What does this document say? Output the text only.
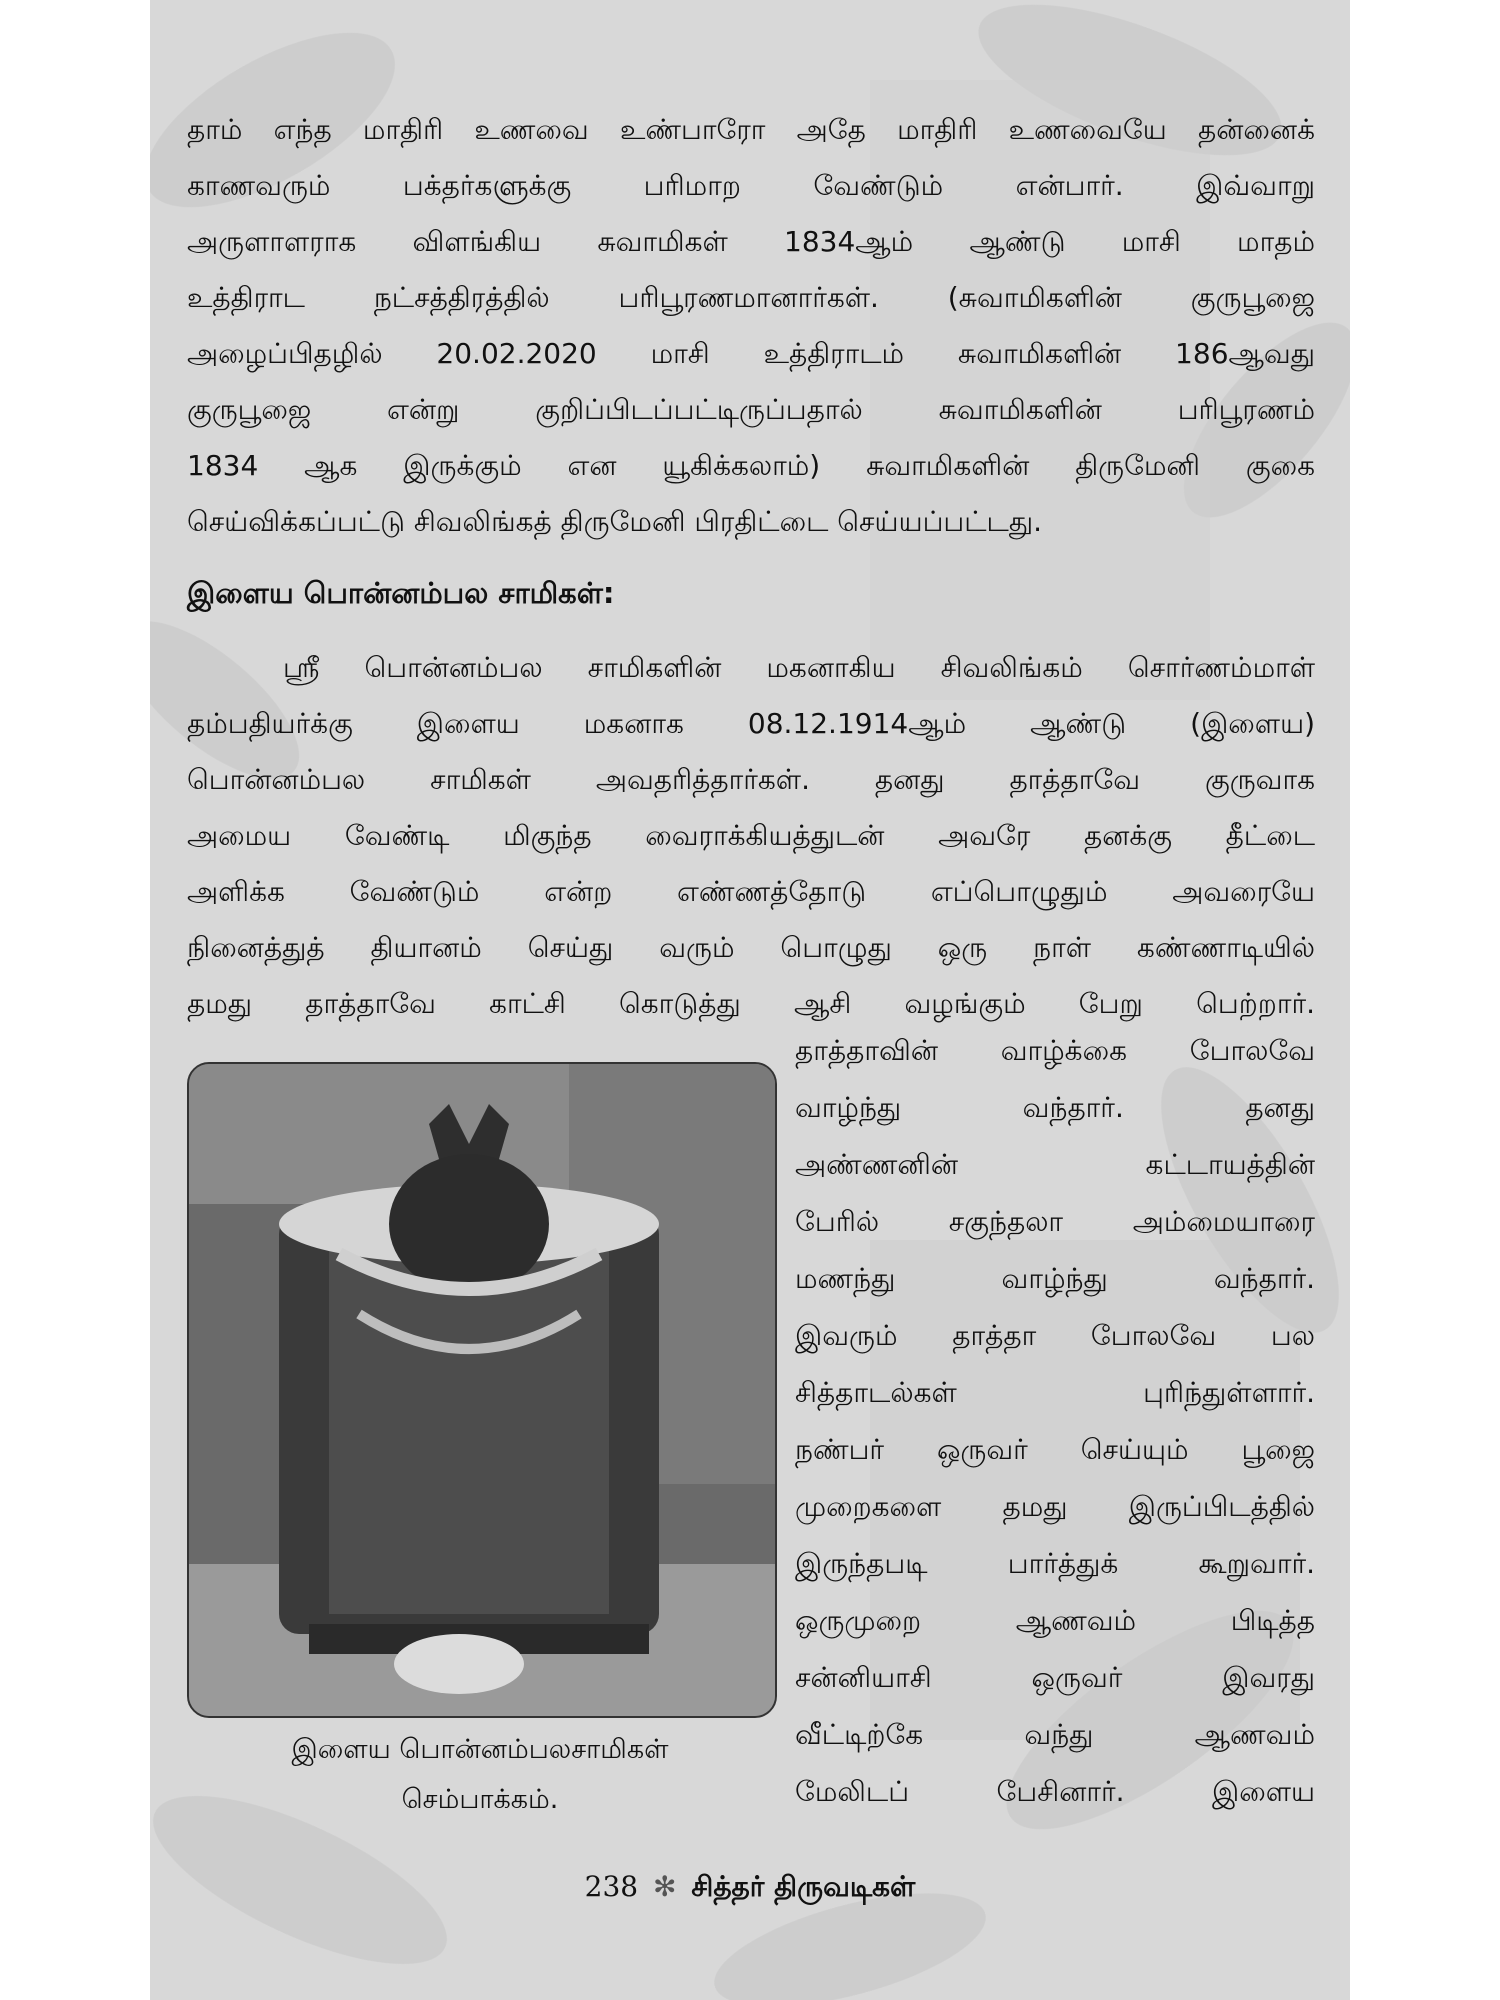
தாம் எந்த மாதிரி உணவை உண்பாரோ அதே மாதிரி உணவையே தன்னைக்
காணவரும் பக்தர்களுக்கு பரிமாற வேண்டும் என்பார். இவ்வாறு
அருளாளராக விளங்கிய சுவாமிகள் 1834ஆம் ஆண்டு மாசி மாதம்
உத்திராட நட்சத்திரத்தில் பரிபூரணமானார்கள். (சுவாமிகளின் குருபூஜை
அழைப்பிதழில் 20.02.2020 மாசி உத்திராடம் சுவாமிகளின் 186ஆவது
குருபூஜை என்று குறிப்பிடப்பட்டிருப்பதால் சுவாமிகளின் பரிபூரணம்
1834 ஆக இருக்கும் என யூகிக்கலாம்) சுவாமிகளின் திருமேனி குகை
செய்விக்கப்பட்டு சிவலிங்கத் திருமேனி பிரதிட்டை செய்யப்பட்டது.
இளைய பொன்னம்பல சாமிகள்:
ஸ்ரீ பொன்னம்பல சாமிகளின் மகனாகிய சிவலிங்கம் சொர்ணம்மாள்
தம்பதியர்க்கு இளைய மகனாக 08.12.1914ஆம் ஆண்டு (இளைய)
பொன்னம்பல சாமிகள் அவதரித்தார்கள். தனது தாத்தாவே குருவாக
அமைய வேண்டி மிகுந்த வைராக்கியத்துடன் அவரே தனக்கு தீட்டை
அளிக்க வேண்டும் என்ற எண்ணத்தோடு எப்பொழுதும் அவரையே
நினைத்துத் தியானம் செய்து வரும் பொழுது ஒரு நாள் கண்ணாடியில்
தமது தாத்தாவே காட்சி கொடுத்து ஆசி வழங்கும் பேறு பெற்றார்.
இளைய பொன்னம்பலசாமிகள்
செம்பாக்கம்.
தாத்தாவின் வாழ்க்கை போலவே
வாழ்ந்து வந்தார். தனது
அண்ணனின் கட்டாயத்தின்
பேரில் சகுந்தலா அம்மையாரை
மணந்து வாழ்ந்து வந்தார்.
இவரும் தாத்தா போலவே பல
சித்தாடல்கள் புரிந்துள்ளார்.
நண்பர் ஒருவர் செய்யும் பூஜை
முறைகளை தமது இருப்பிடத்தில்
இருந்தபடி பார்த்துக் கூறுவார்.
ஒருமுறை ஆணவம் பிடித்த
சன்னியாசி ஒருவர் இவரது
வீட்டிற்கே வந்து ஆணவம்
மேலிடப் பேசினார். இளைய
238 ✻ சித்தர் திருவடிகள்
